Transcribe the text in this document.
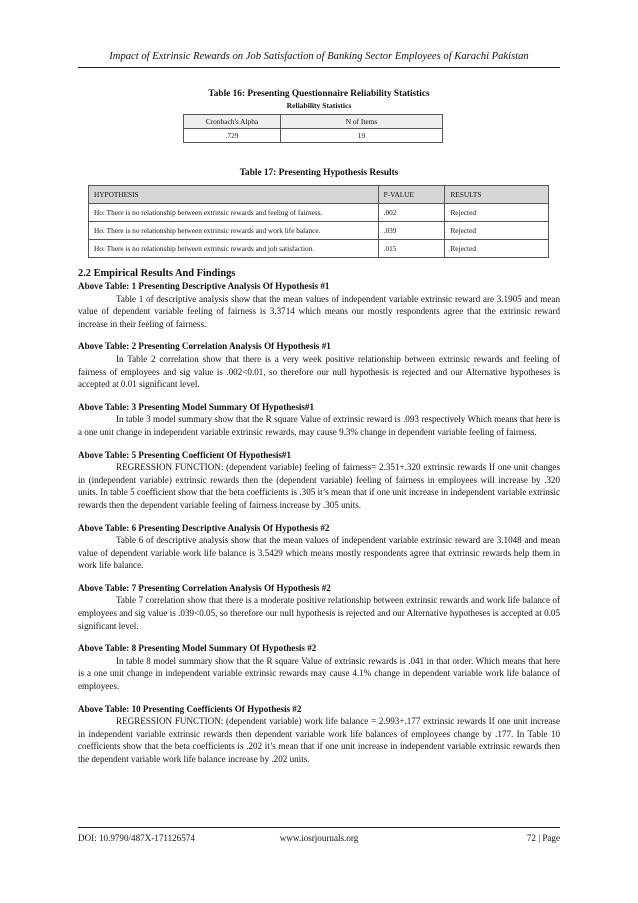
Impact of Extrinsic Rewards on Job Satisfaction of Banking Sector Employees of Karachi Pakistan
Table 16: Presenting Questionnaire Reliability Statistics
Reliability Statistics
Cronbach's Alpha	N of Items
.729	19
Table 17: Presenting Hypothesis Results
HYPOTHESIS	P-VALUE	RESULTS
Ho: There is no relationship between extrinsic rewards and feeling of fairness.	.002	Rejected
Ho: There is no relationship between extrinsic rewards and work life balance.	.039	Rejected
Ho: There is no relationship between extrinsic rewards and job satisfaction.	.015	Rejected
2.2 Empirical Results And Findings
Above Table: 1 Presenting Descriptive Analysis Of Hypothesis #1

Table 1 of descriptive analysis show that the mean values of independent variable extrinsic reward are 3.1905 and mean value of dependent variable feeling of fairness is 3.3714 which means our mostly respondents agree that the extrinsic reward increase in their feeling of fairness.

Above Table: 2 Presenting Correlation Analysis Of Hypothesis #1

In Table 2 correlation show that there is a very week positive relationship between extrinsic rewards and feeling of fairness of employees and sig value is .002<0.01, so therefore our null hypothesis is rejected and our Alternative hypotheses is accepted at 0.01 significant level.

Above Table: 3 Presenting Model Summary Of Hypothesis#1

In table 3 model summary show that the R square Value of extrinsic reward is .093 respectively Which means that here is a one unit change in independent variable extrinsic rewards, may cause 9.3% change in dependent variable feeling of fairness.

Above Table: 5 Presenting Coefficient Of Hypothesis#1

REGRESSION FUNCTION: (dependent variable) feeling of fairness= 2.351+.320 extrinsic rewards If one unit changes in (independent variable) extrinsic rewards then the (dependent variable) feeling of fairness in employees will increase by .320 units. In table 5 coefficient show that the beta coefficients is .305 it’s mean that if one unit increase in independent variable extrinsic rewards then the dependent variable feeling of fairness increase by .305 units.

Above Table: 6 Presenting Descriptive Analysis Of Hypothesis #2

Table 6 of descriptive analysis show that the mean values of independent variable extrinsic reward are 3.1048 and mean value of dependent variable work life balance is 3.5429 which means mostly respondents agree that extrinsic rewards help them in work life balance.

Above Table: 7 Presenting Correlation Analysis Of Hypothesis #2

Table 7 correlation show that there is a moderate positive relationship between extrinsic rewards and work life balance of employees and sig value is .039<0.05, so therefore our null hypothesis is rejected and our Alternative hypotheses is accepted at 0.05 significant level.

Above Table: 8 Presenting Model Summary Of Hypothesis #2

In table 8 model summary show that the R square Value of extrinsic rewards is .041 in that order. Which means that here is a one unit change in independent variable extrinsic rewards may cause 4.1% change in dependent variable work life balance of employees.

Above Table: 10 Presenting Coefficients Of Hypothesis #2

REGRESSION FUNCTION: (dependent variable) work life balance = 2.993+.177 extrinsic rewards If one unit increase in independent variable extrinsic rewards then dependent variable work life balances of employees change by .177. In Table 10 coefficients show that the beta coefficients is .202 it’s mean that if one unit increase in independent variable extrinsic rewards then the dependent variable work life balance increase by .202 units.

DOI: 10.9790/487X-171126574	www.iosrjournals.org	72 | Page
